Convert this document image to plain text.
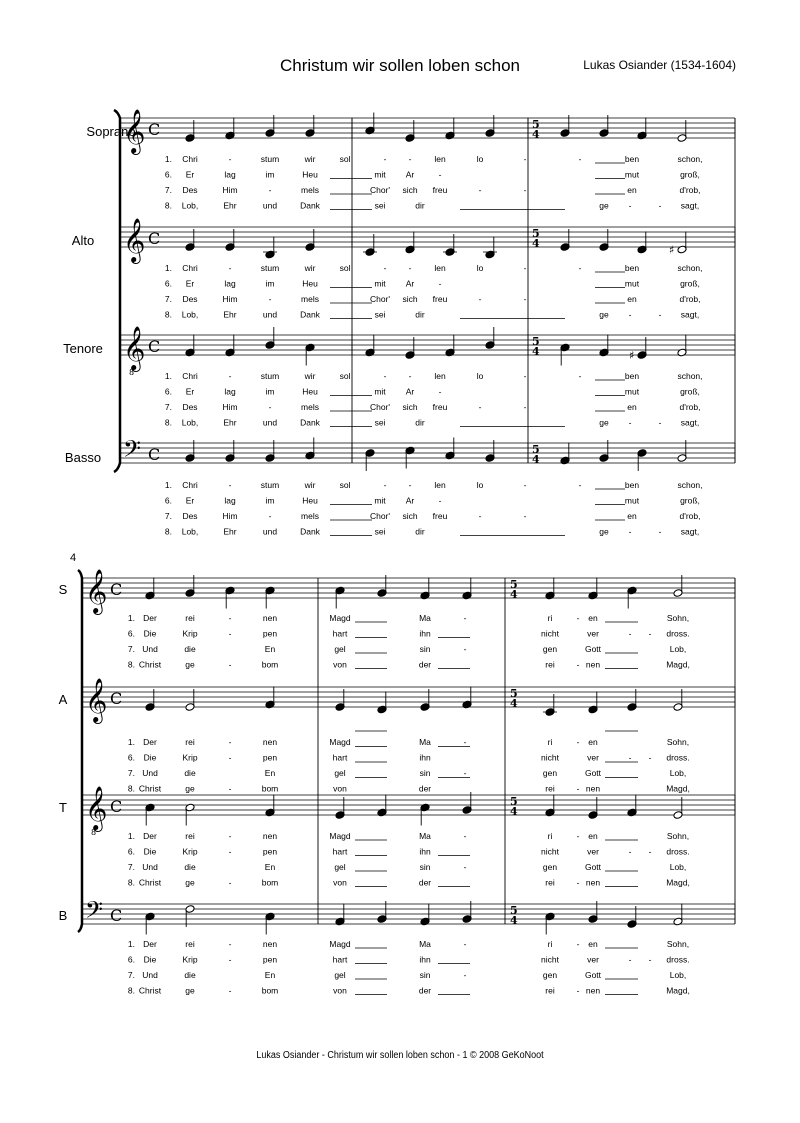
Christum wir sollen loben schon	Lukas Osiander (1534-1604)
4
Soprano
Alto
Tenore
Basso
S
A
T
B
𝄞 C
𝄞 C
𝄞
8
C
𝄢 C
5
4
5
4
5
4
5
4
♯
♯
1. Chri	-	stum	wir	sol	-	-	len	lo	-	-	ben	schon,
6. Er	lag	im	Heu	mit Ar	-	mut	groß,
7. Des	Him	-	mels	Chor' sich freu	-	-	en	d'rob,
8. Lob,	Ehr	und	Dank	sei	dir	ge -	- sagt,
1. Chri	-	stum	wir	sol	-	-	len	lo	-	-	ben	schon,
6. Er	lag	im	Heu	mit Ar	-	mut	groß,
7. Des	Him	-	mels	Chor' sich freu	-	-	en	d'rob,
8. Lob,	Ehr	und	Dank	sei	dir	ge -	- sagt,
1. Chri	-	stum	wir	sol	-	-	len	lo	-	-	ben	schon,
6. Er	lag	im	Heu	mit Ar	-	mut	groß,
7. Des	Him	-	mels	Chor' sich freu	-	-	en	d'rob,
8. Lob,	Ehr	und	Dank	sei	dir	ge -	- sagt,
1. Chri	-	stum	wir	sol	-	-	len	lo	-	-	ben	schon,
6. Er	lag	im	Heu	mit Ar	-	mut	groß,
7. Des	Him	-	mels	Chor' sich freu	-	-	en	d'rob,
8. Lob,	Ehr	und	Dank	sei	dir	ge -	- sagt,
𝄞 C
𝄞 C
𝄞
8
C
𝄢 C
5
4
5
4
5
4
5
4
1. Der	rei	-	nen	Magd	Ma	-	ri	- en	Sohn,
6. Die	Krip	-	pen	hart	ihn	nicht	ver	- - dross.
7. Und	die	En	gel	sin	-	gen	Gott	Lob,
8. Christ	ge	-	bom	von	der	rei	- nen	Magd,
1. Der	rei	-	nen	Magd	Ma	-	ri	- en	Sohn,
6. Die	Krip	-	pen	hart	ihn	nicht	ver	- - dross.
7. Und	die	En	gel	sin	-	gen	Gott	Lob,
8. Christ	ge	-	bom	von	der	rei	- nen	Magd,
1. Der	rei	-	nen	Magd	Ma	-	ri	- en	Sohn,
6. Die	Krip	-	pen	hart	ihn	nicht	ver	- - dross.
7. Und	die	En	gel	sin	-	gen	Gott	Lob,
8. Christ	ge	-	bom	von	der	rei	- nen	Magd,
1. Der	rei	-	nen	Magd	Ma	-	ri	- en	Sohn,
6. Die	Krip	-	pen	hart	ihn	nicht	ver	- - dross.
7. Und	die	En	gel	sin	-	gen	Gott	Lob,
8. Christ	ge	-	bom	von	der	rei	- nen	Magd,
Lukas Osiander - Christum wir sollen loben schon - 1 © 2008 GeKoNoot
